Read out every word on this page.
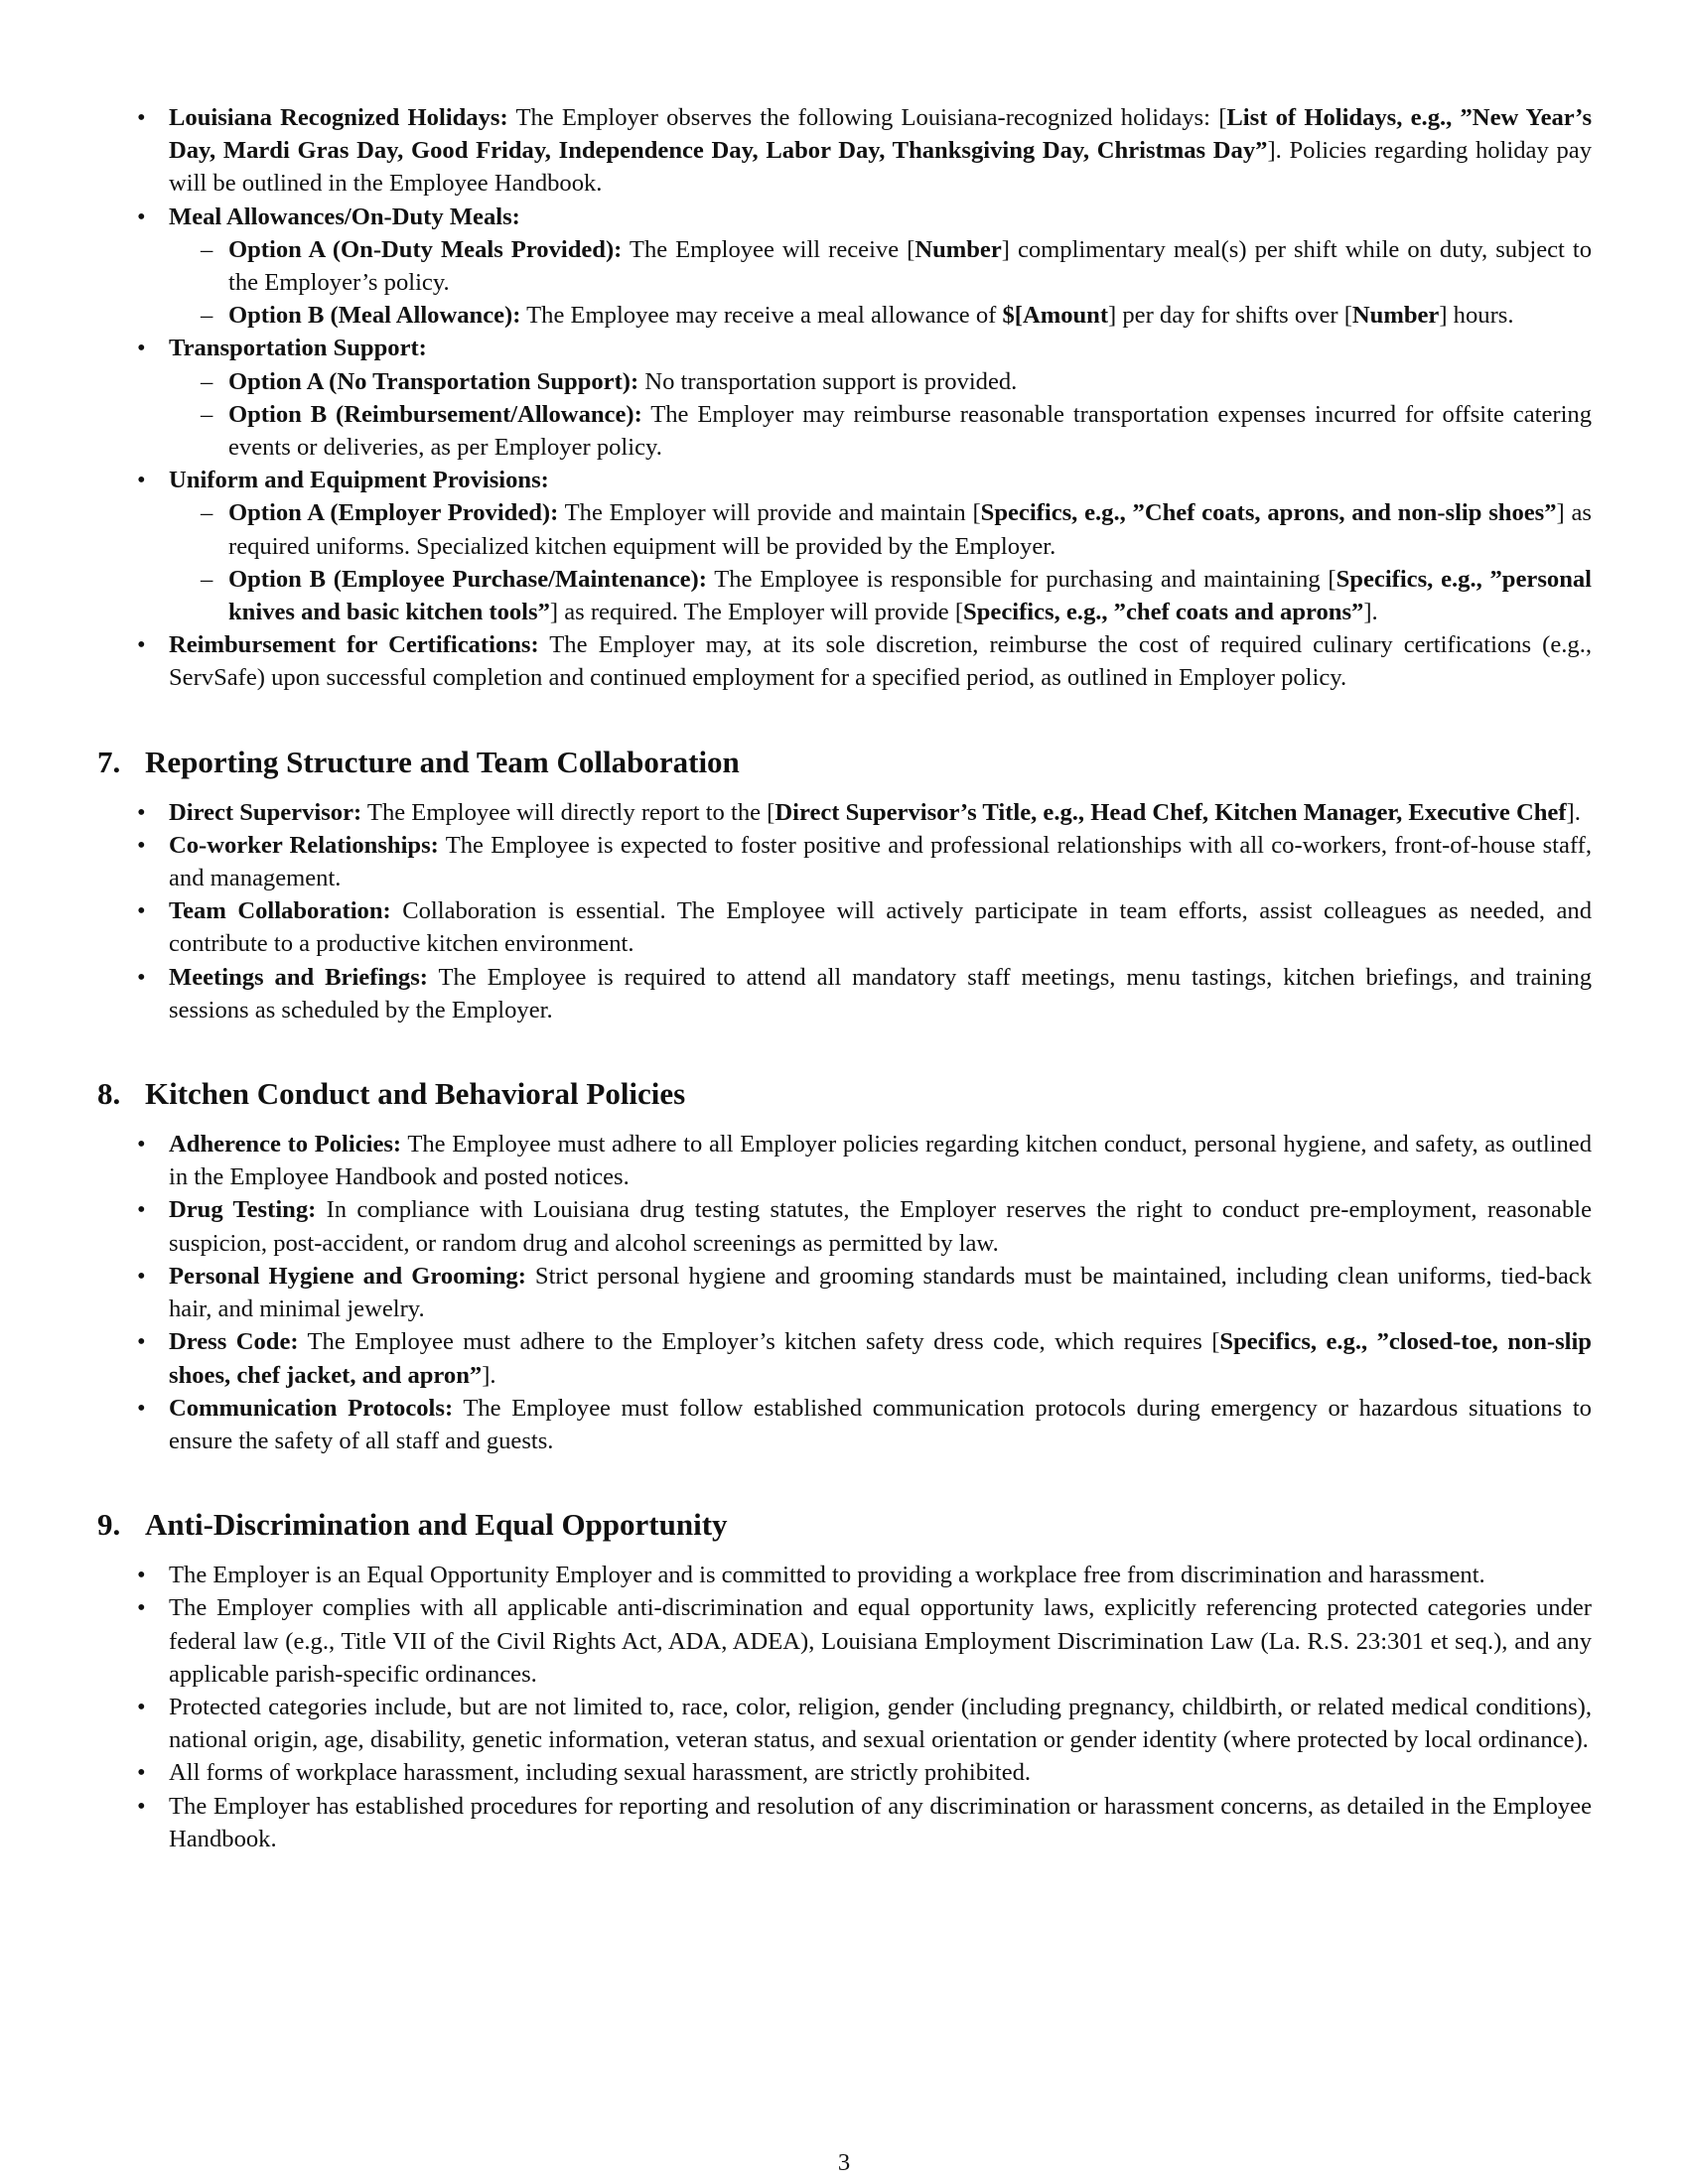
• Louisiana Recognized Holidays: The Employer observes the following Louisiana-recognized holidays: [List of Holidays, e.g., ”New Year’s Day, Mardi Gras Day, Good Friday, Independence Day, Labor Day, Thanksgiving Day, Christmas Day”]. Policies regarding holiday pay will be outlined in the Employee Handbook.
• Meal Allowances/On-Duty Meals:
– Option A (On-Duty Meals Provided): The Employee will receive [Number] complimentary meal(s) per shift while on duty, subject to the Employer’s policy.
– Option B (Meal Allowance): The Employee may receive a meal allowance of $[Amount] per day for shifts over [Number] hours.
• Transportation Support:
– Option A (No Transportation Support): No transportation support is provided.
– Option B (Reimbursement/Allowance): The Employer may reimburse reasonable transportation expenses incurred for offsite catering events or deliveries, as per Employer policy.
• Uniform and Equipment Provisions:
– Option A (Employer Provided): The Employer will provide and maintain [Specifics, e.g., ”Chef coats, aprons, and non-slip shoes”] as required uniforms. Specialized kitchen equipment will be provided by the Employer.
– Option B (Employee Purchase/Maintenance): The Employee is responsible for purchasing and maintaining [Specifics, e.g., ”personal knives and basic kitchen tools”] as required. The Employer will provide [Specifics, e.g., ”chef coats and aprons”].
• Reimbursement for Certifications: The Employer may, at its sole discretion, reimburse the cost of required culinary certifications (e.g., ServSafe) upon successful completion and continued employment for a specified period, as outlined in Employer policy.
7. Reporting Structure and Team Collaboration
• Direct Supervisor: The Employee will directly report to the [Direct Supervisor’s Title, e.g., Head Chef, Kitchen Manager, Executive Chef].
• Co-worker Relationships: The Employee is expected to foster positive and professional relationships with all co-workers, front-of-house staff, and management.
• Team Collaboration: Collaboration is essential. The Employee will actively participate in team efforts, assist colleagues as needed, and contribute to a productive kitchen environment.
• Meetings and Briefings: The Employee is required to attend all mandatory staff meetings, menu tastings, kitchen briefings, and training sessions as scheduled by the Employer.
8. Kitchen Conduct and Behavioral Policies
• Adherence to Policies: The Employee must adhere to all Employer policies regarding kitchen conduct, personal hygiene, and safety, as outlined in the Employee Handbook and posted notices.
• Drug Testing: In compliance with Louisiana drug testing statutes, the Employer reserves the right to conduct pre-employment, reasonable suspicion, post-accident, or random drug and alcohol screenings as permitted by law.
• Personal Hygiene and Grooming: Strict personal hygiene and grooming standards must be maintained, including clean uniforms, tied-back hair, and minimal jewelry.
• Dress Code: The Employee must adhere to the Employer’s kitchen safety dress code, which requires [Specifics, e.g., ”closed-toe, non-slip shoes, chef jacket, and apron”].
• Communication Protocols: The Employee must follow established communication protocols during emergency or hazardous situations to ensure the safety of all staff and guests.
9. Anti-Discrimination and Equal Opportunity
• The Employer is an Equal Opportunity Employer and is committed to providing a workplace free from discrimination and harassment.
• The Employer complies with all applicable anti-discrimination and equal opportunity laws, explicitly referencing protected categories under federal law (e.g., Title VII of the Civil Rights Act, ADA, ADEA), Louisiana Employment Discrimination Law (La. R.S. 23:301 et seq.), and any applicable parish-specific ordinances.
• Protected categories include, but are not limited to, race, color, religion, gender (including pregnancy, childbirth, or related medical conditions), national origin, age, disability, genetic information, veteran status, and sexual orientation or gender identity (where protected by local ordinance).
• All forms of workplace harassment, including sexual harassment, are strictly prohibited.
• The Employer has established procedures for reporting and resolution of any discrimination or harassment concerns, as detailed in the Employee Handbook.
3
